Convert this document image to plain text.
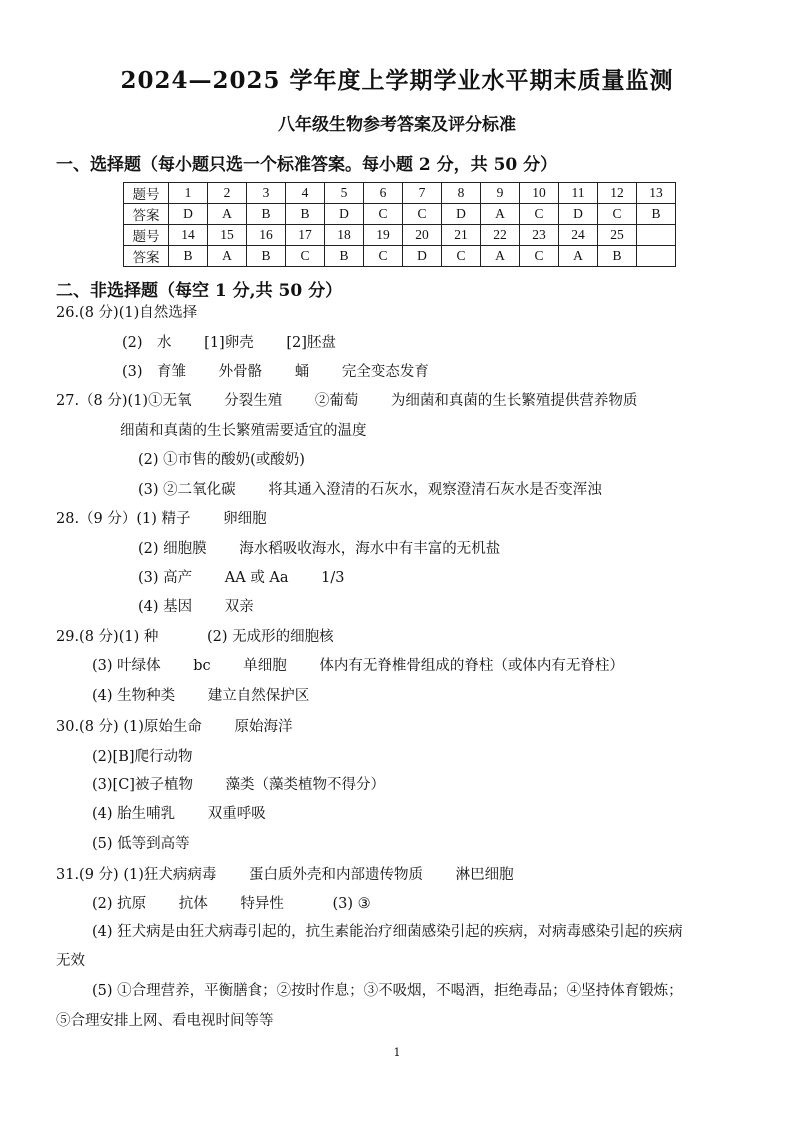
2024—2025 学年度上学期学业水平期末质量监测
八年级生物参考答案及评分标准
一、选择题（每小题只选一个标准答案。每小题 2 分，共 50 分）
题号	1	2	3	4	5	6	7	8	9	10	11	12	13
答案	D	A	B	B	D	C	C	D	A	C	D	C	B
题号	14	15	16	17	18	19	20	21	22	23	24	25	
答案	B	A	B	C	B	C	D	C	A	C	A	B	
二、非选择题（每空 1 分,共 50 分）
26.(8 分)(1)自然选择
(2)　水 [1]卵壳 [2]胚盘
(3)　育雏 外骨骼 蛹 完全变态发育
27.（8 分)(1)①无氧 分裂生殖 ②葡萄 为细菌和真菌的生长繁殖提供营养物质
细菌和真菌的生长繁殖需要适宜的温度
(2) ①市售的酸奶(或酸奶)
(3) ②二氧化碳 将其通入澄清的石灰水，观察澄清石灰水是否变浑浊
28.（9 分）(1) 精子 卵细胞
(2) 细胞膜 海水稻吸收海水，海水中有丰富的无机盐
(3) 高产 AA 或 Aa 1/3
(4) 基因 双亲
29.(8 分)(1) 种	(2) 无成形的细胞核
(3) 叶绿体 bc 单细胞 体内有无脊椎骨组成的脊柱（或体内有无脊柱）
(4) 生物种类 建立自然保护区
30.(8 分) (1)原始生命 原始海洋
(2)[B]爬行动物
(3)[C]被子植物 藻类（藻类植物不得分）
(4) 胎生哺乳 双重呼吸
(5) 低等到高等
31.(9 分) (1)狂犬病病毒 蛋白质外壳和内部遗传物质 淋巴细胞
(2) 抗原 抗体 特异性	(3) ③
(4) 狂犬病是由狂犬病毒引起的，抗生素能治疗细菌感染引起的疾病，对病毒感染引起的疾病
无效
(5) ①合理营养，平衡膳食；②按时作息；③不吸烟，不喝酒，拒绝毒品；④坚持体育锻炼；
⑤合理安排上网、看电视时间等等
1
